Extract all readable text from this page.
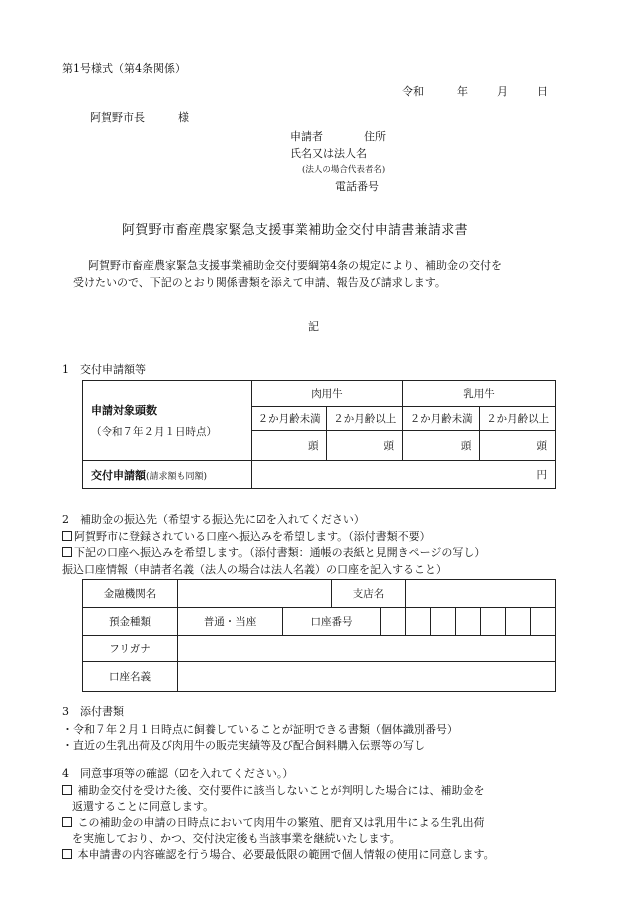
第1号様式（第4条関係）
令和	年	月	日
阿賀野市長	様
申請者	住所
氏名又は法人名
(法人の場合代表者名)
電話番号
阿賀野市畜産農家緊急支援事業補助金交付申請書兼請求書
阿賀野市畜産農家緊急支援事業補助金交付要綱第4条の規定により、補助金の交付を
受けたいので、下記のとおり関係書類を添えて申請、報告及び請求します。
記
1　交付申請額等
申請対象頭数
（令和７年２月１日時点）	肉用牛		乳用牛	
	２か月齢未満	２か月齢以上	２か月齢未満	２か月齢以上
	頭	頭	頭	頭
交付申請額(請求額も同額)	円			
2　補助金の振込先（希望する振込先に☑を入れてください）
阿賀野市に登録されている口座へ振込みを希望します。（添付書類不要）
下記の口座へ振込みを希望します。（添付書類：通帳の表紙と見開きページの写し）
振込口座情報（申請者名義（法人の場合は法人名義）の口座を記入すること）
金融機関名			支店名							
預金種類	普通・当座	口座番号								
フリガナ										
口座名義										
3　添付書類
・令和７年２月１日時点に飼養していることが証明できる書類（個体識別番号）
・直近の生乳出荷及び肉用牛の販売実績等及び配合飼料購入伝票等の写し
4　同意事項等の確認（☑を入れてください。）
補助金交付を受けた後、交付要件に該当しないことが判明した場合には、補助金を
返還することに同意します。
この補助金の申請の日時点において肉用牛の繁殖、肥育又は乳用牛による生乳出荷
を実施しており、かつ、交付決定後も当該事業を継続いたします。
本申請書の内容確認を行う場合、必要最低限の範囲で個人情報の使用に同意します。
